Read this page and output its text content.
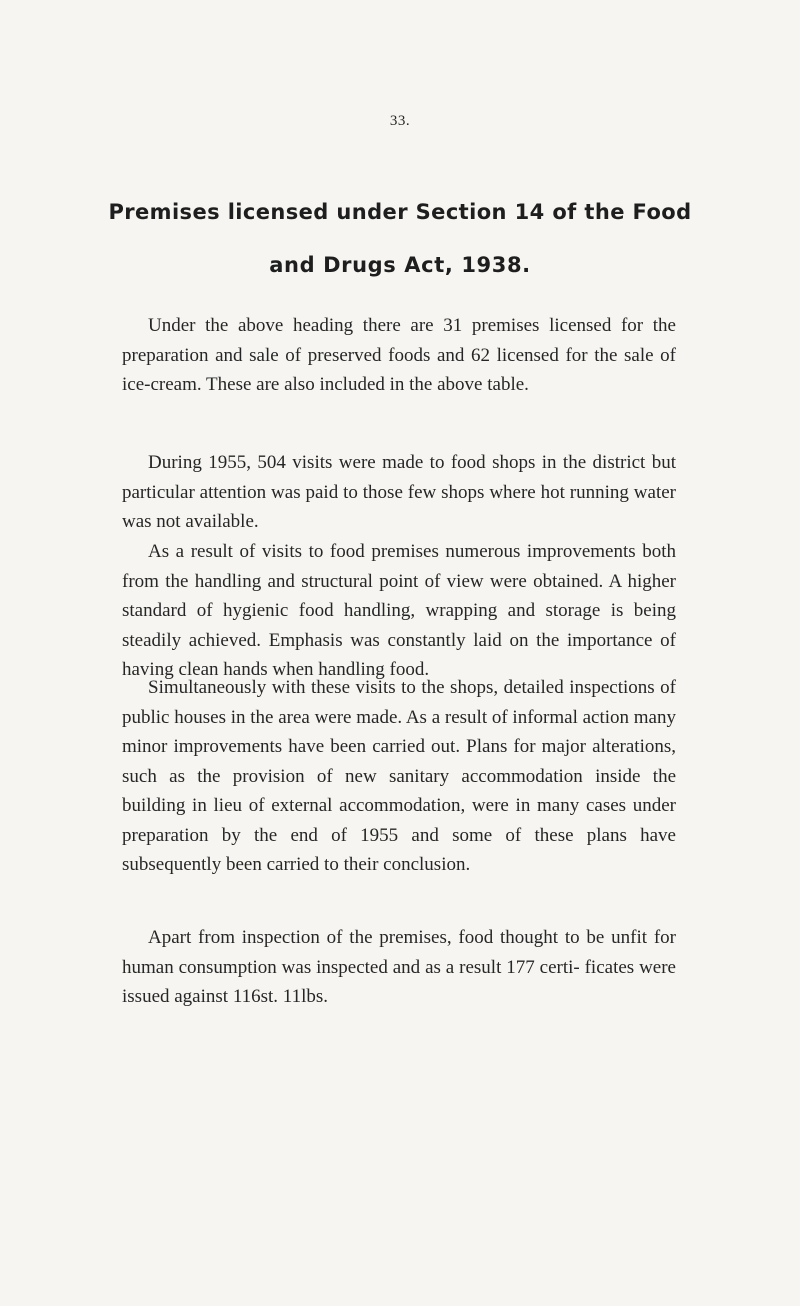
33.
Premises licensed under Section 14 of the Food
and Drugs Act, 1938.

Under the above heading there are 31 premises licensed for the preparation and sale of preserved foods and 62 licensed for the sale of ice-cream. These are also included in the above table.

During 1955, 504 visits were made to food shops in the district but particular attention was paid to those few shops where hot running water was not available.

As a result of visits to food premises numerous improvements both from the handling and structural point of view were obtained. A higher standard of hygienic food handling, wrapping and storage is being steadily achieved. Emphasis was constantly laid on the importance of having clean hands when handling food.

Simultaneously with these visits to the shops, detailed inspections of public houses in the area were made. As a result of informal action many minor improvements have been carried out. Plans for major alterations, such as the provision of new sanitary accommodation inside the building in lieu of external accommodation, were in many cases under preparation by the end of 1955 and some of these plans have subsequently been carried to their conclusion.

Apart from inspection of the premises, food thought to be unfit for human consumption was inspected and as a result 177 certi- ficates were issued against 116st. 11lbs.
